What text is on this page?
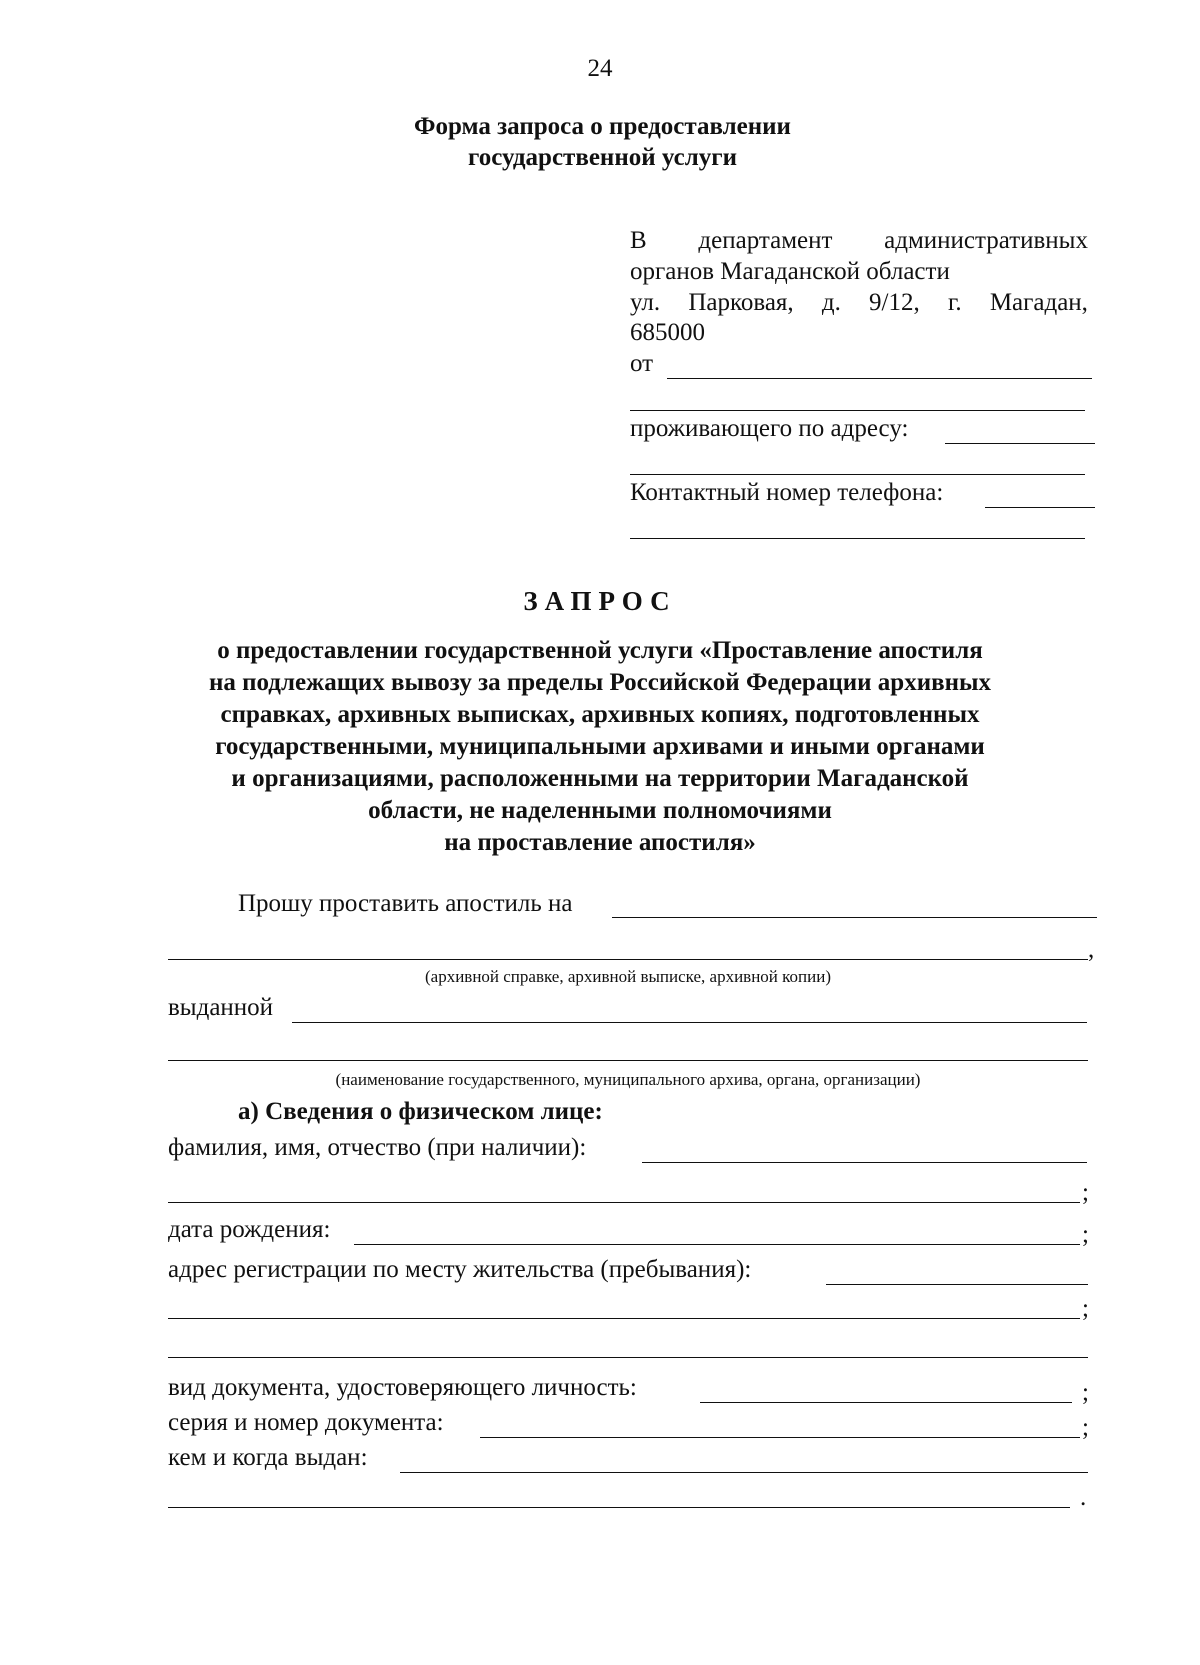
24
Форма запроса о предоставлении
государственной услуги
В департамент административных
органов Магаданской области
ул. Парковая, д. 9/12, г. Магадан,
685000
от
проживающего по адресу:
Контактный номер телефона:
ЗАПРОС
о предоставлении государственной услуги «Проставление апостиля
на подлежащих вывозу за пределы Российской Федерации архивных
справках, архивных выписках, архивных копиях, подготовленных
государственными, муниципальными архивами и иными органами
и организациями, расположенными на территории Магаданской
области, не наделенными полномочиями
на проставление апостиля»
Прошу проставить апостиль на
,
(архивной справке, архивной выписке, архивной копии)
выданной
(наименование государственного, муниципального архива, органа, организации)
а) Сведения о физическом лице:
фамилия, имя, отчество (при наличии):
;
дата рождения:	;
адрес регистрации по месту жительства (пребывания):
;
вид документа, удостоверяющего личность:	;
серия и номер документа:	;
кем и когда выдан:
.
